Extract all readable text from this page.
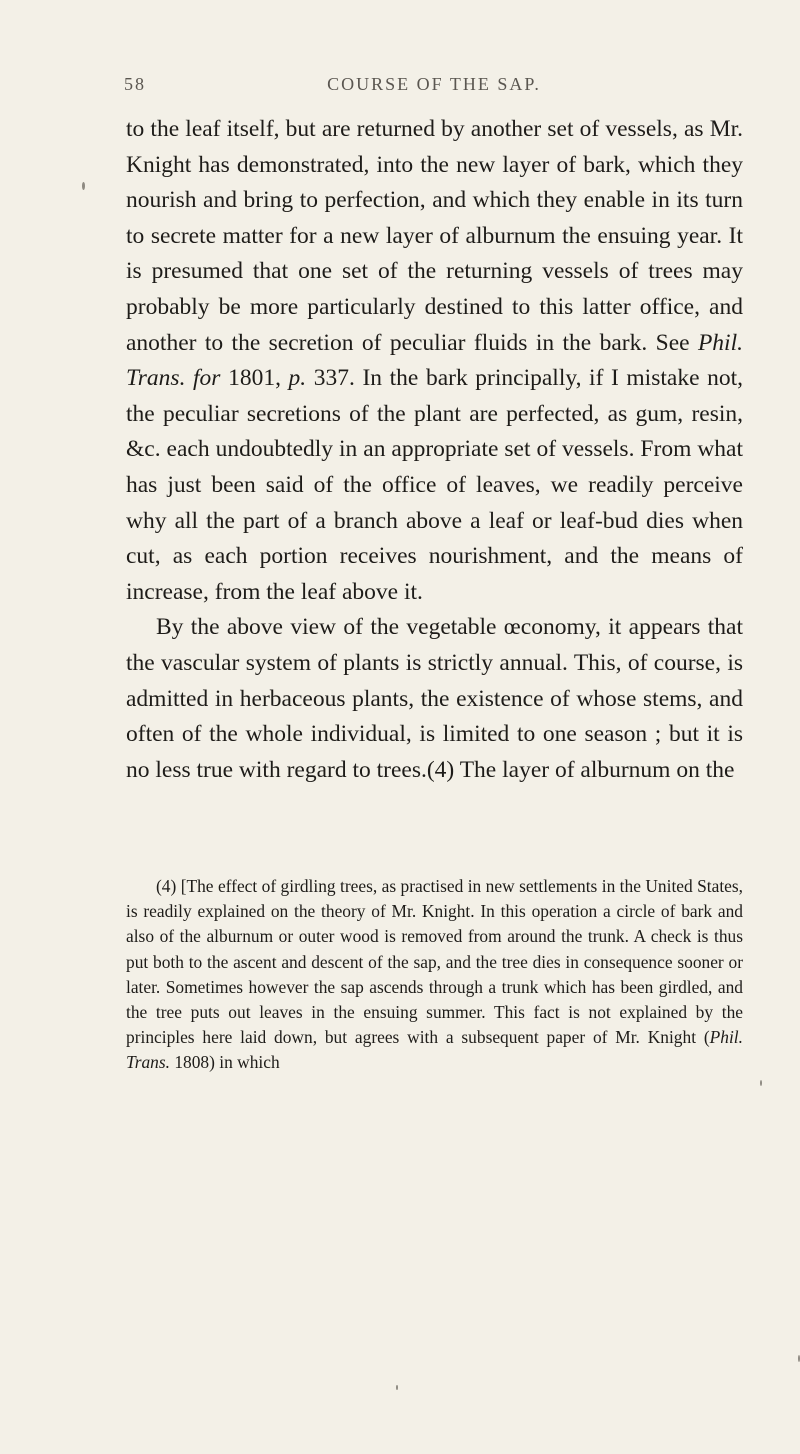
58	COURSE OF THE SAP.

to the leaf itself, but are returned by another set of vessels, as Mr. Knight has demonstrated, into the new layer of bark, which they nourish and bring to perfection, and which they enable in its turn to secrete matter for a new layer of alburnum the ensuing year. It is presumed that one set of the returning vessels of trees may probably be more particularly destined to this latter office, and another to the secretion of peculiar fluids in the bark. See Phil. Trans. for 1801, p. 337. In the bark principally, if I mistake not, the peculiar secretions of the plant are perfected, as gum, resin, &c. each undoubtedly in an appropriate set of vessels. From what has just been said of the office of leaves, we readily perceive why all the part of a branch above a leaf or leaf-bud dies when cut, as each portion receives nourishment, and the means of increase, from the leaf above it.

By the above view of the vegetable œconomy, it appears that the vascular system of plants is strictly annual. This, of course, is admitted in herbaceous plants, the existence of whose stems, and often of the whole individual, is limited to one season ; but it is no less true with regard to trees.(4) The layer of alburnum on the

(4) [The effect of girdling trees, as practised in new settlements in the United States, is readily explained on the theory of Mr. Knight. In this operation a circle of bark and also of the alburnum or outer wood is removed from around the trunk. A check is thus put both to the ascent and descent of the sap, and the tree dies in consequence sooner or later. Sometimes however the sap ascends through a trunk which has been girdled, and the tree puts out leaves in the ensuing summer. This fact is not explained by the principles here laid down, but agrees with a subsequent paper of Mr. Knight (Phil. Trans. 1808) in which
